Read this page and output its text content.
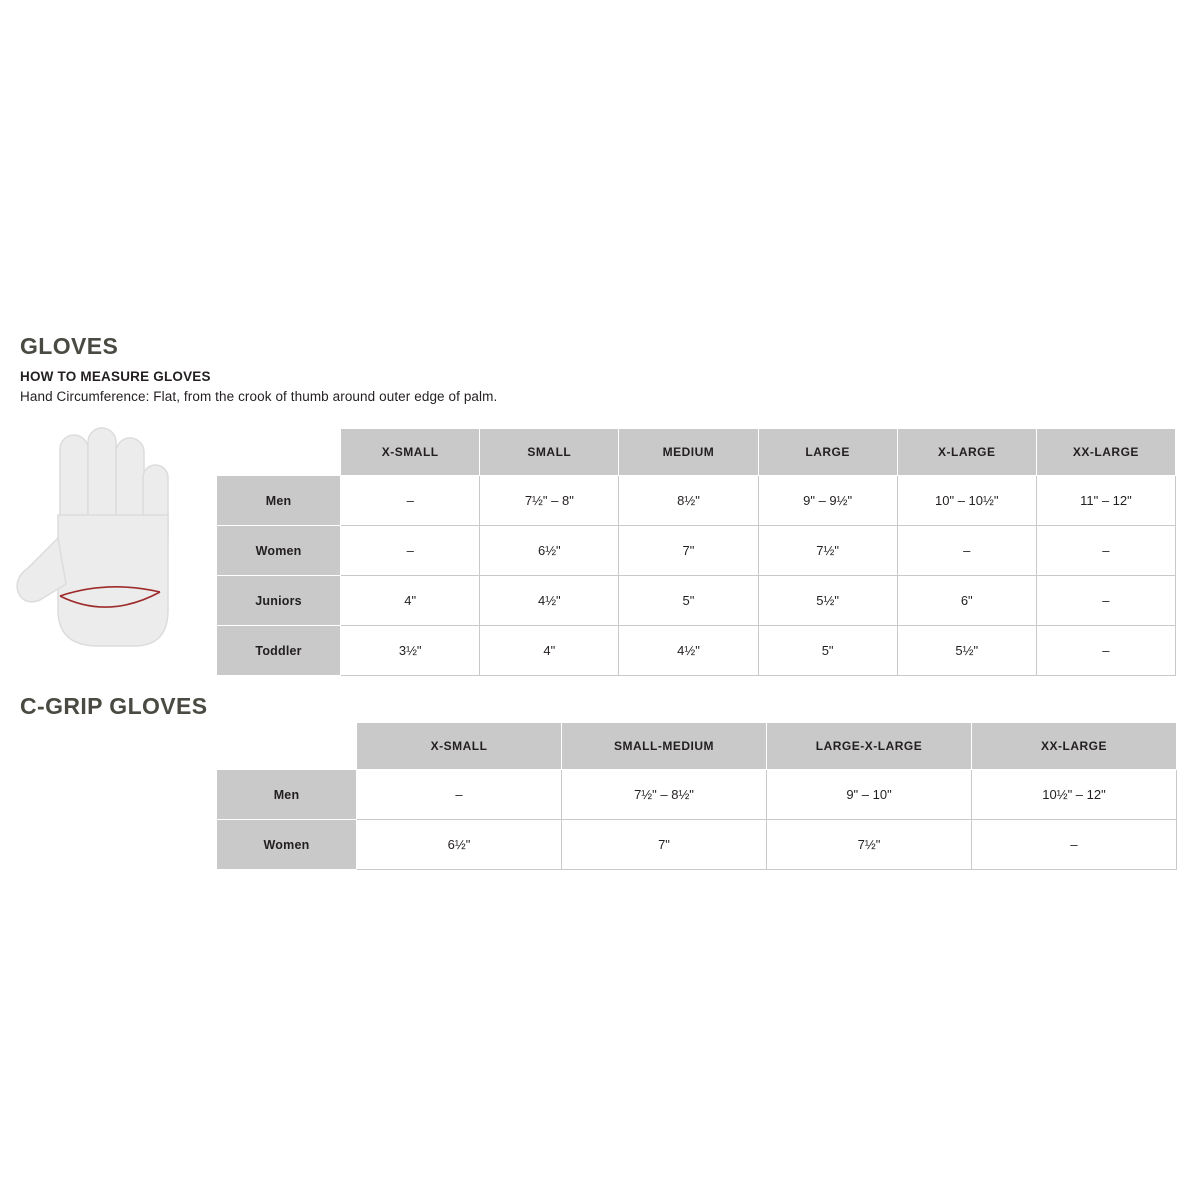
GLOVES
HOW TO MEASURE GLOVES
Hand Circumference: Flat, from the crook of thumb around outer edge of palm.
	X-SMALL	SMALL	MEDIUM	LARGE	X-LARGE	XX-LARGE
Men	–	7½" – 8"	8½"	9" – 9½"	10" – 10½"	11" – 12"
Women	–	6½"	7"	7½"	–	–
Juniors	4"	4½"	5"	5½"	6"	–
Toddler	3½"	4"	4½"	5"	5½"	–
C-GRIP GLOVES
	X-SMALL	SMALL-MEDIUM	LARGE-X-LARGE	XX-LARGE
Men	–	7½" – 8½"	9" – 10"	10½" – 12"
Women	6½"	7"	7½"	–
